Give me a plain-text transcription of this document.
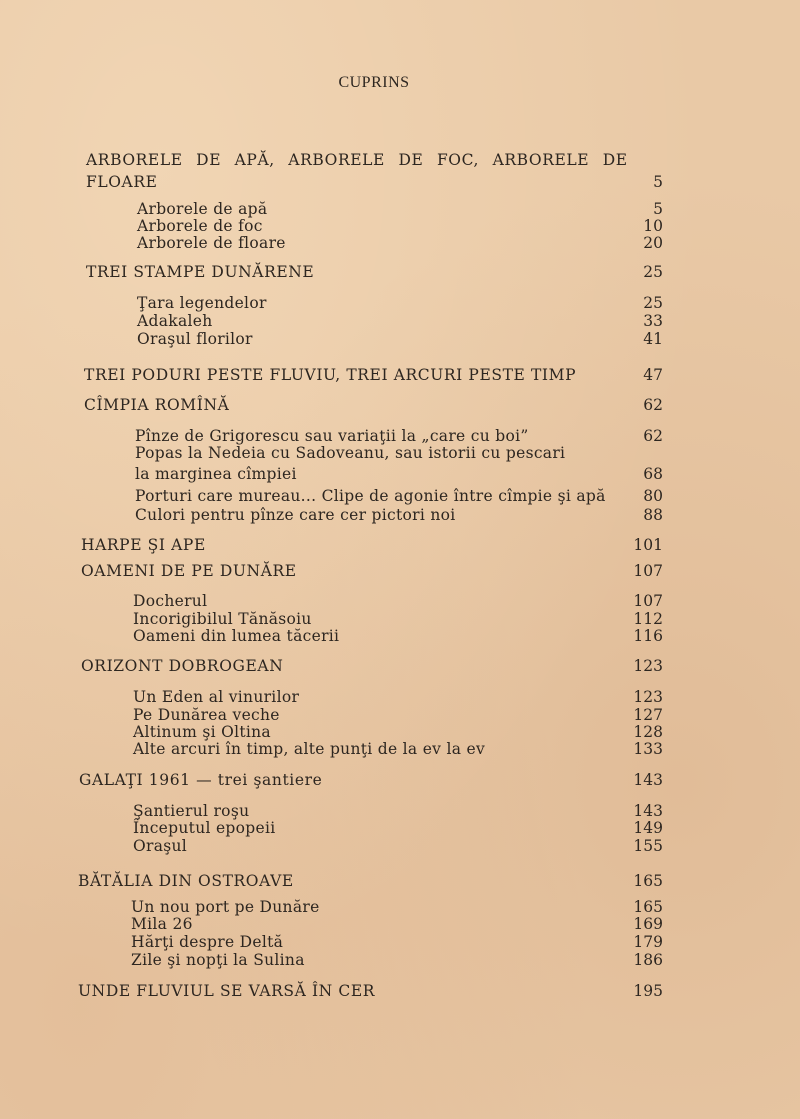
CUPRINS
ARBORELE DE APĂ, ARBORELE DE FOC, ARBORELE DE
FLOARE	5
Arborele de apă	5
Arborele de foc	10
Arborele de floare	20
TREI STAMPE DUNĂRENE	25
Ţara legendelor	25
Adakaleh	33
Oraşul florilor	41
TREI PODURI PESTE FLUVIU, TREI ARCURI PESTE TIMP	47
CÎMPIA ROMÎNĂ	62
Pînze de Grigorescu sau variaţii la „care cu boi”	62
Popas la Nedeia cu Sadoveanu, sau istorii cu pescari
la marginea cîmpiei	68
Porturi care mureau... Clipe de agonie între cîmpie şi apă	80
Culori pentru pînze care cer pictori noi	88
HARPE ŞI APE	101
OAMENI DE PE DUNĂRE	107
Docherul	107
Incorigibilul Tănăsoiu	112
Oameni din lumea tăcerii	116
ORIZONT DOBROGEAN	123
Un Eden al vinurilor	123
Pe Dunărea veche	127
Altinum şi Oltina	128
Alte arcuri în timp, alte punţi de la ev la ev	133
GALAŢI 1961 — trei şantiere	143
Şantierul roşu	143
Începutul epopeii	149
Oraşul	155
BĂTĂLIA DIN OSTROAVE	165
Un nou port pe Dunăre	165
Mila 26	169
Hărţi despre Deltă	179
Zile şi nopţi la Sulina	186
UNDE FLUVIUL SE VARSĂ ÎN CER	195
